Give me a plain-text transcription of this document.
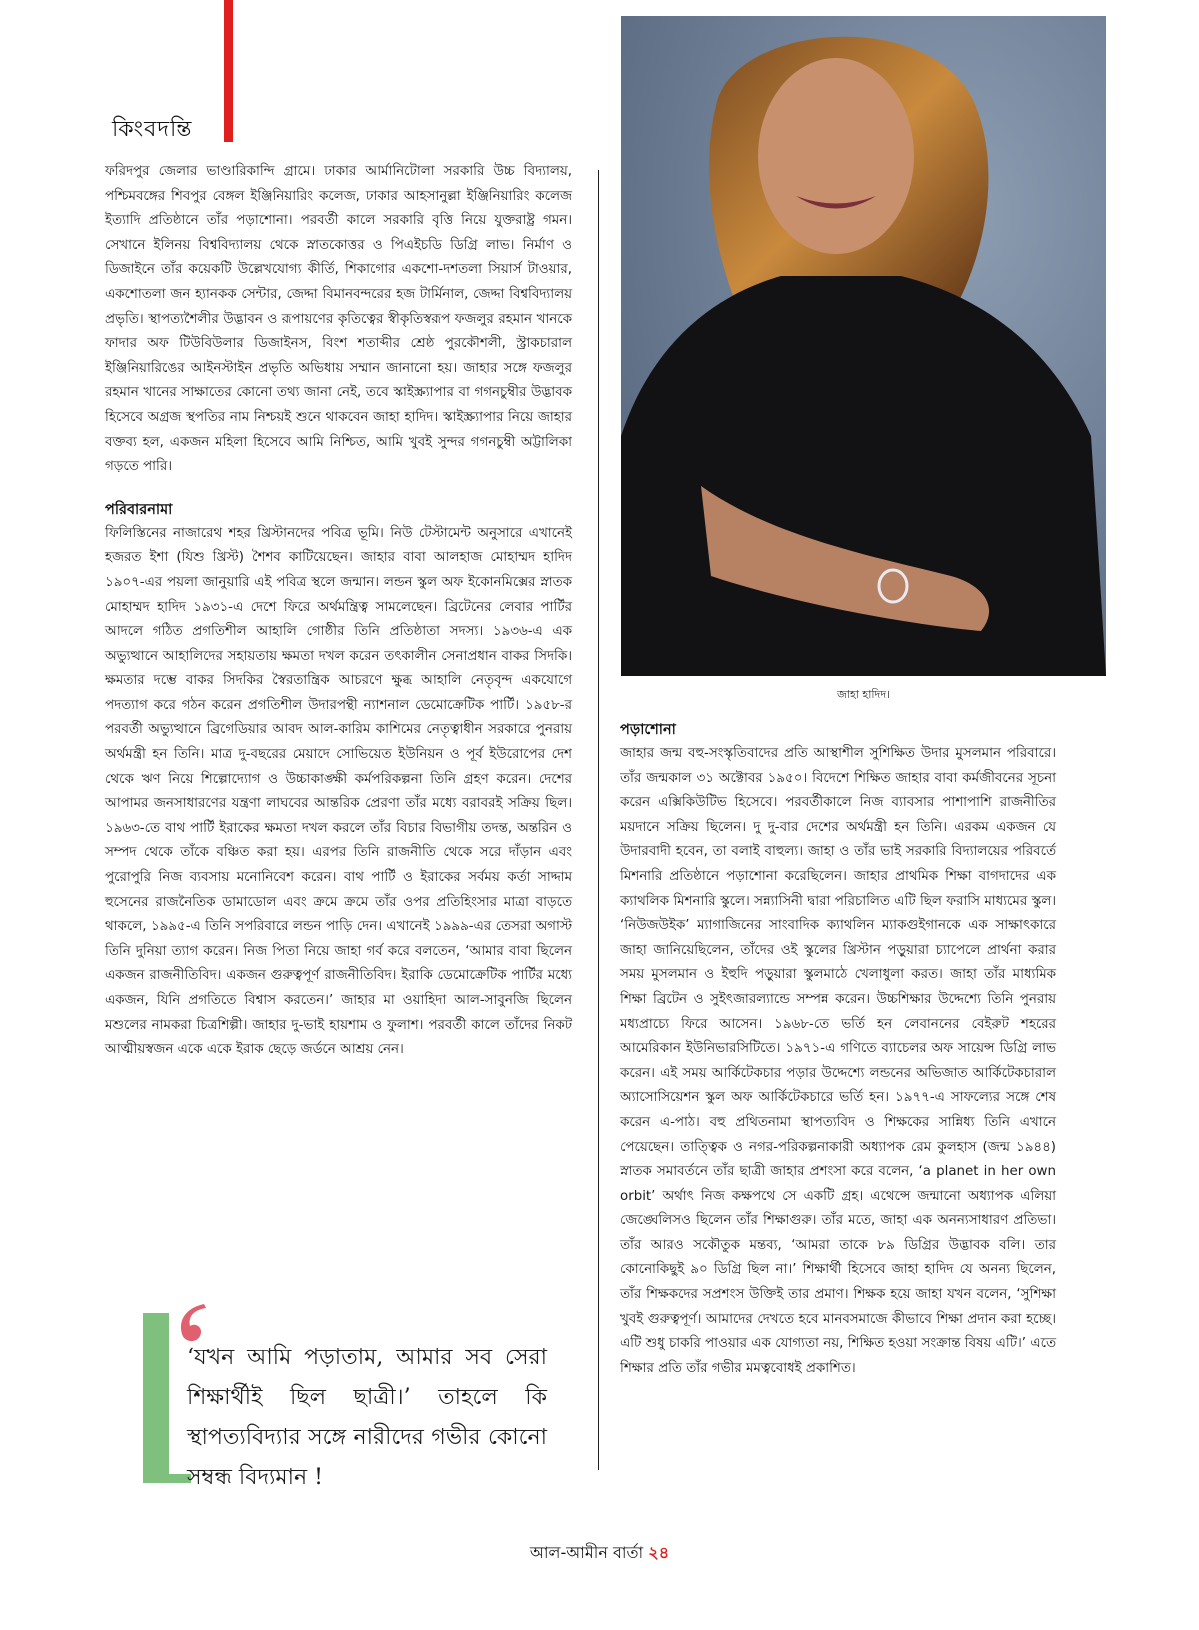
কিংবদন্তি

ফরিদপুর জেলার ভাণ্ডারিকান্দি গ্রামে। ঢাকার আর্মানিটোলা সরকারি উচ্চ বিদ্যালয়, পশ্চিমবঙ্গের শিবপুর বেঙ্গল ইঞ্জিনিয়ারিং কলেজ, ঢাকার আহসানুল্লা ইঞ্জিনিয়ারিং কলেজ ইত্যাদি প্রতিষ্ঠানে তাঁর পড়াশোনা। পরবর্তী কালে সরকারি বৃত্তি নিয়ে যুক্তরাষ্ট্র গমন। সেখানে ইলিনয় বিশ্ববিদ্যালয় থেকে স্নাতকোত্তর ও পিএইচডি ডিগ্রি লাভ। নির্মাণ ও ডিজাইনে তাঁর কয়েকটি উল্লেখযোগ্য কীর্তি, শিকাগোর একশো-দশতলা সিয়ার্স টাওয়ার, একশোতলা জন হ্যানকক সেন্টার, জেদ্দা বিমানবন্দরের হজ টার্মিনাল, জেদ্দা বিশ্ববিদ্যালয় প্রভৃতি। স্থাপত্যশৈলীর উদ্ভাবন ও রূপায়ণের কৃতিত্বের স্বীকৃতিস্বরূপ ফজলুর রহমান খানকে ফাদার অফ টিউবিউলার ডিজাইনস, বিংশ শতাব্দীর শ্রেষ্ঠ পুরকৌশলী, স্ট্রাকচারাল ইঞ্জিনিয়ারিঙের আইনস্টাইন প্রভৃতি অভিধায় সম্মান জানানো হয়। জাহার সঙ্গে ফজলুর রহমান খানের সাক্ষাতের কোনো তথ্য জানা নেই, তবে স্কাইস্ক্র্যাপার বা গগনচুম্বীর উদ্ভাবক হিসেবে অগ্রজ স্থপতির নাম নিশ্চয়ই শুনে থাকবেন জাহা হাদিদ। স্কাইস্ক্র্যাপার নিয়ে জাহার বক্তব্য হল, একজন মহিলা হিসেবে আমি নিশ্চিত, আমি খুবই সুন্দর গগনচুম্বী অট্টালিকা গড়তে পারি।

পরিবারনামা

ফিলিস্তিনের নাজারেথ শহর খ্রিস্টানদের পবিত্র ভূমি। নিউ টেস্টামেন্ট অনুসারে এখানেই হজরত ইশা (যিশু খ্রিস্ট) শৈশব কাটিয়েছেন। জাহার বাবা আলহাজ মোহাম্মদ হাদিদ ১৯০৭-এর পয়লা জানুয়ারি এই পবিত্র স্থলে জন্মান। লন্ডন স্কুল অফ ইকোনমিক্সের স্নাতক মোহাম্মদ হাদিদ ১৯৩১-এ দেশে ফিরে অর্থমন্ত্রিত্ব সামলেছেন। ব্রিটেনের লেবার পার্টির আদলে গঠিত প্রগতিশীল আহালি গোষ্ঠীর তিনি প্রতিষ্ঠাতা সদস্য। ১৯৩৬-এ এক অভ্যুত্থানে আহালিদের সহায়তায় ক্ষমতা দখল করেন তৎকালীন সেনাপ্রধান বাকর সিদকি। ক্ষমতার দম্ভে বাকর সিদকির স্বৈরতান্ত্রিক আচরণে ক্ষুব্ধ আহালি নেতৃবৃন্দ একযোগে পদত্যাগ করে গঠন করেন প্রগতিশীল উদারপন্থী ন্যাশনাল ডেমোক্রেটিক পার্টি। ১৯৫৮-র পরবর্তী অভ্যুত্থানে ব্রিগেডিয়ার আবদ আল-কারিম কাশিমের নেতৃত্বাধীন সরকারে পুনরায় অর্থমন্ত্রী হন তিনি। মাত্র দু-বছরের মেয়াদে সোভিয়েত ইউনিয়ন ও পূর্ব ইউরোপের দেশ থেকে ঋণ নিয়ে শিল্পোদ্যোগ ও উচ্চাকাঙ্ক্ষী কর্মপরিকল্পনা তিনি গ্রহণ করেন। দেশের আপামর জনসাধারণের যন্ত্রণা লাঘবের আন্তরিক প্রেরণা তাঁর মধ্যে বরাবরই সক্রিয় ছিল। ১৯৬৩-তে বাথ পার্টি ইরাকের ক্ষমতা দখল করলে তাঁর বিচার বিভাগীয় তদন্ত, অন্তরিন ও সম্পদ থেকে তাঁকে বঞ্চিত করা হয়। এরপর তিনি রাজনীতি থেকে সরে দাঁড়ান এবং পুরোপুরি নিজ ব্যবসায় মনোনিবেশ করেন। বাথ পার্টি ও ইরাকের সর্বময় কর্তা সাদ্দাম হুসেনের রাজনৈতিক ডামাডোল এবং ক্রমে ক্রমে তাঁর ওপর প্রতিহিংসার মাত্রা বাড়তে থাকলে, ১৯৯৫-এ তিনি সপরিবারে লন্ডন পাড়ি দেন। এখানেই ১৯৯৯-এর তেসরা অগাস্ট তিনি দুনিয়া ত্যাগ করেন। নিজ পিতা নিয়ে জাহা গর্ব করে বলতেন, ‘আমার বাবা ছিলেন একজন রাজনীতিবিদ। একজন গুরুত্বপূর্ণ রাজনীতিবিদ। ইরাকি ডেমোক্রেটিক পার্টির মধ্যে একজন, যিনি প্রগতিতে বিশ্বাস করতেন।’ জাহার মা ওয়াহিদা আল-সাবুনজি ছিলেন মশুলের নামকরা চিত্রশিল্পী। জাহার দু-ভাই হায়শাম ও ফুলাশ। পরবর্তী কালে তাঁদের নিকট আত্মীয়স্বজন একে একে ইরাক ছেড়ে জর্ডনে আশ্রয় নেন।

জাহা হাদিদ।
পড়াশোনা

জাহার জন্ম বহু-সংস্কৃতিবাদের প্রতি আস্থাশীল সুশিক্ষিত উদার মুসলমান পরিবারে। তাঁর জন্মকাল ৩১ অক্টোবর ১৯৫০। বিদেশে শিক্ষিত জাহার বাবা কর্মজীবনের সূচনা করেন এক্সিকিউটিভ হিসেবে। পরবর্তীকালে নিজ ব্যাবসার পাশাপাশি রাজনীতির ময়দানে সক্রিয় ছিলেন। দু দু-বার দেশের অর্থমন্ত্রী হন তিনি। এরকম একজন যে উদারবাদী হবেন, তা বলাই বাহুল্য। জাহা ও তাঁর ভাই সরকারি বিদ্যালয়ের পরিবর্তে মিশনারি প্রতিষ্ঠানে পড়াশোনা করেছিলেন। জাহার প্রাথমিক শিক্ষা বাগদাদের এক ক্যাথলিক মিশনারি স্কুলে। সন্ন্যাসিনী দ্বারা পরিচালিত এটি ছিল ফরাসি মাধ্যমের স্কুল। ‘নিউজউইক’ ম্যাগাজিনের সাংবাদিক ক্যাথলিন ম্যাকগুইগানকে এক সাক্ষাৎকারে জাহা জানিয়েছিলেন, তাঁদের ওই স্কুলের খ্রিস্টান পড়ুয়ারা চ্যাপেলে প্রার্থনা করার সময় মুসলমান ও ইহুদি পড়ুয়ারা স্কুলমাঠে খেলাধুলা করত। জাহা তাঁর মাধ্যমিক শিক্ষা ব্রিটেন ও সুইৎজারল্যান্ডে সম্পন্ন করেন। উচ্চশিক্ষার উদ্দেশ্যে তিনি পুনরায় মধ্যপ্রাচ্যে ফিরে আসেন। ১৯৬৮-তে ভর্তি হন লেবাননের বেইরুট শহরের আমেরিকান ইউনিভারসিটিতে। ১৯৭১-এ গণিতে ব্যাচেলর অফ সায়েন্স ডিগ্রি লাভ করেন। এই সময় আর্কিটেকচার পড়ার উদ্দেশ্যে লন্ডনের অভিজাত আর্কিটেকচারাল অ্যাসোসিয়েশন স্কুল অফ আর্কিটেকচারে ভর্তি হন। ১৯৭৭-এ সাফল্যের সঙ্গে শেষ করেন এ-পাঠ। বহু প্রথিতনামা স্থাপত্যবিদ ও শিক্ষকের সান্নিধ্য তিনি এখানে পেয়েছেন। তাত্ত্বিক ও নগর-পরিকল্পনাকারী অধ্যাপক রেম কুলহাস (জন্ম ১৯৪৪) স্নাতক সমাবর্তনে তাঁর ছাত্রী জাহার প্রশংসা করে বলেন, ‘a planet in her own orbit’ অর্থাৎ নিজ কক্ষপথে সে একটি গ্রহ। এথেন্সে জন্মানো অধ্যাপক এলিয়া জেঙ্ঘেলিসও ছিলেন তাঁর শিক্ষাগুরু। তাঁর মতে, জাহা এক অনন্যসাধারণ প্রতিভা। তাঁর আরও সকৌতুক মন্তব্য, ‘আমরা তাকে ৮৯ ডিগ্রির উদ্ভাবক বলি। তার কোনোকিছুই ৯০ ডিগ্রি ছিল না।’ শিক্ষার্থী হিসেবে জাহা হাদিদ যে অনন্য ছিলেন, তাঁর শিক্ষকদের সপ্রশংস উক্তিই তার প্রমাণ। শিক্ষক হয়ে জাহা যখন বলেন, ‘সুশিক্ষা খুবই গুরুত্বপূর্ণ। আমাদের দেখতে হবে মানবসমাজে কীভাবে শিক্ষা প্রদান করা হচ্ছে। এটি শুধু চাকরি পাওয়ার এক যোগ্যতা নয়, শিক্ষিত হওয়া সংক্রান্ত বিষয় এটি।’ এতে শিক্ষার প্রতি তাঁর গভীর মমত্ববোধই প্রকাশিত।

‘যখন আমি পড়াতাম, আমার সব সেরা শিক্ষার্থীই ছিল ছাত্রী।’ তাহলে কি স্থাপত্যবিদ্যার সঙ্গে নারীদের গভীর কোনো সম্বন্ধ বিদ্যমান !
আল-আমীন বার্তা ২৪
